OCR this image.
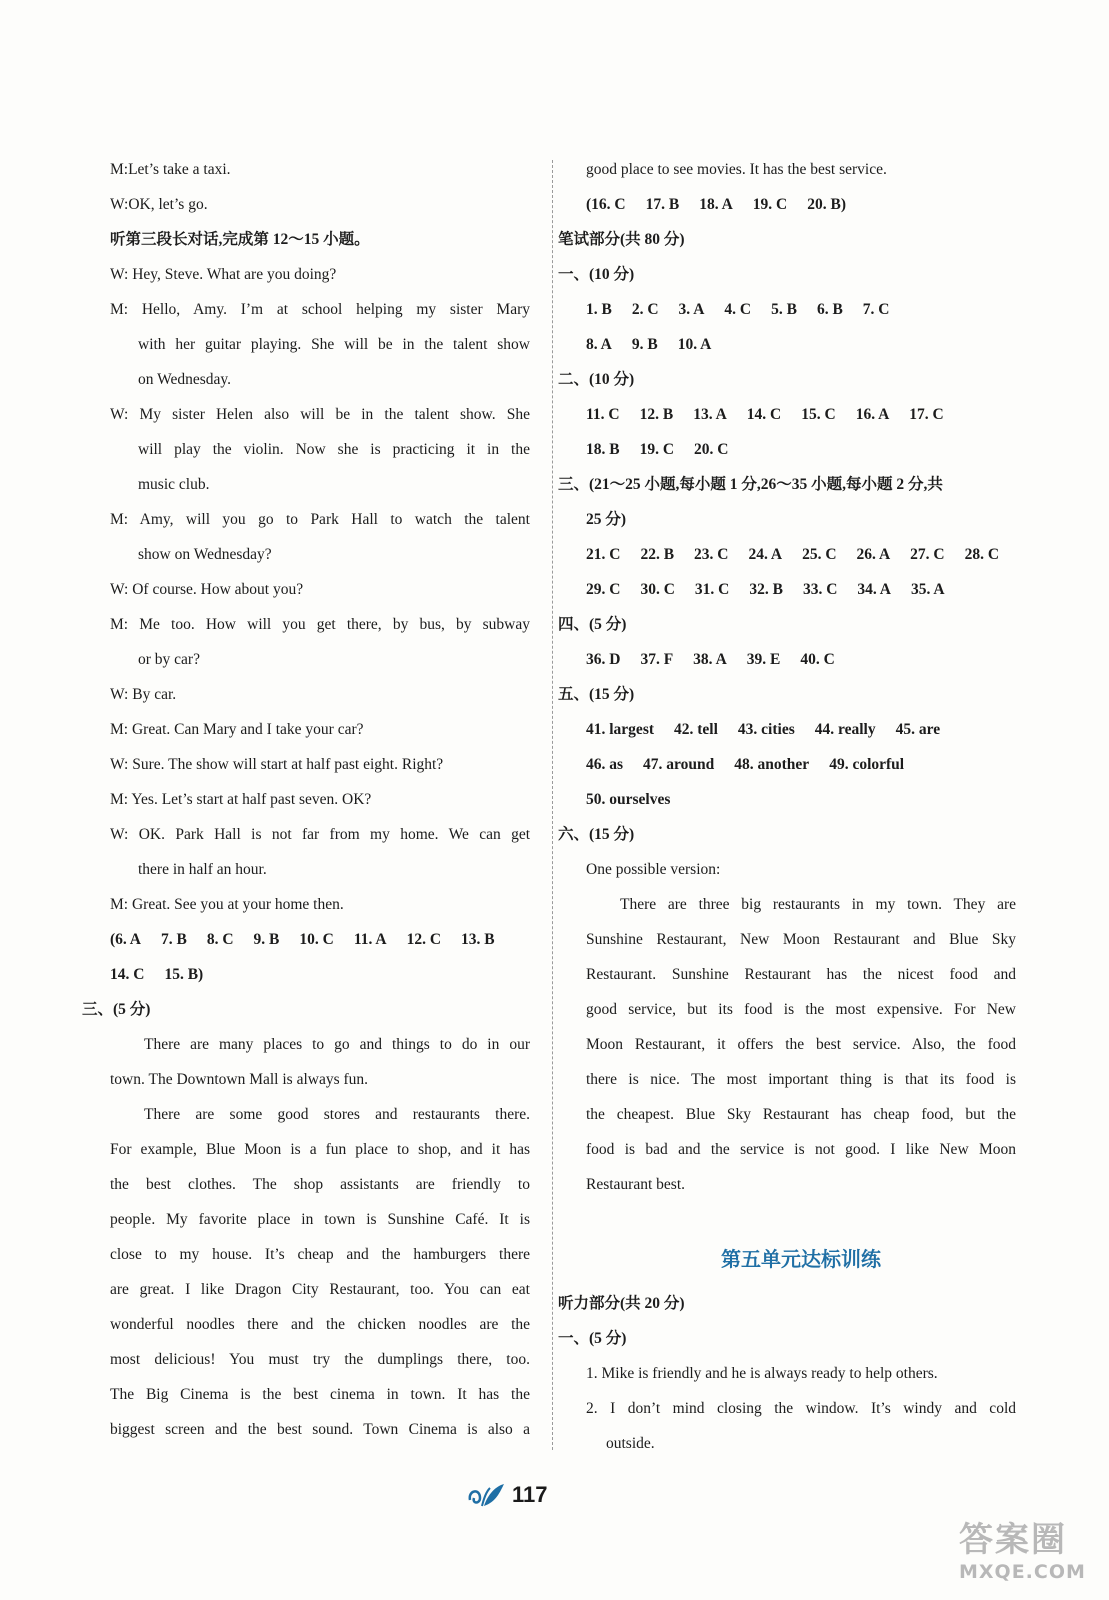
M:Let’s take a taxi.
W:OK, let’s go.
听第三段长对话,完成第 12～15 小题。
W: Hey, Steve. What are you doing?
M: Hello, Amy. I’m at school helping my sister Mary
with her guitar playing. She will be in the talent show
on Wednesday.
W: My sister Helen also will be in the talent show. She
will play the violin. Now she is practicing it in the
music club.
M: Amy, will you go to Park Hall to watch the talent
show on Wednesday?
W: Of course. How about you?
M: Me too. How will you get there, by bus, by subway
or by car?
W: By car.
M: Great. Can Mary and I take your car?
W: Sure. The show will start at half past eight. Right?
M: Yes. Let’s start at half past seven. OK?
W: OK. Park Hall is not far from my home. We can get
there in half an hour.
M: Great. See you at your home then.
(6. A 7. B 8. C 9. B 10. C 11. A 12. C 13. B
14. C 15. B)
三、(5 分)
There are many places to go and things to do in our
town. The Downtown Mall is always fun.
There are some good stores and restaurants there.
For example, Blue Moon is a fun place to shop, and it has
the best clothes. The shop assistants are friendly to
people. My favorite place in town is Sunshine Café. It is
close to my house. It’s cheap and the hamburgers there
are great. I like Dragon City Restaurant, too. You can eat
wonderful noodles there and the chicken noodles are the
most delicious! You must try the dumplings there, too.
The Big Cinema is the best cinema in town. It has the
biggest screen and the best sound. Town Cinema is also a
good place to see movies. It has the best service.
(16. C 17. B 18. A 19. C 20. B)
笔试部分(共 80 分)
一、(10 分)
1. B 2. C 3. A 4. C 5. B 6. B 7. C
8. A 9. B 10. A
二、(10 分)
11. C 12. B 13. A 14. C 15. C 16. A 17. C
18. B 19. C 20. C
三、(21～25 小题,每小题 1 分,26～35 小题,每小题 2 分,共
25 分)
21. C 22. B 23. C 24. A 25. C 26. A 27. C 28. C
29. C 30. C 31. C 32. B 33. C 34. A 35. A
四、(5 分)
36. D 37. F 38. A 39. E 40. C
五、(15 分)
41. largest 42. tell 43. cities 44. really 45. are
46. as 47. around 48. another 49. colorful
50. ourselves
六、(15 分)
One possible version:
There are three big restaurants in my town. They are
Sunshine Restaurant, New Moon Restaurant and Blue Sky
Restaurant. Sunshine Restaurant has the nicest food and
good service, but its food is the most expensive. For New
Moon Restaurant, it offers the best service. Also, the food
there is nice. The most important thing is that its food is
the cheapest. Blue Sky Restaurant has cheap food, but the
food is bad and the service is not good. I like New Moon
Restaurant best.
第五单元达标训练
听力部分(共 20 分)
一、(5 分)
1. Mike is friendly and he is always ready to help others.
2. I don’t mind closing the window. It’s windy and cold
outside.
117
答案圈
MXQE.COM
